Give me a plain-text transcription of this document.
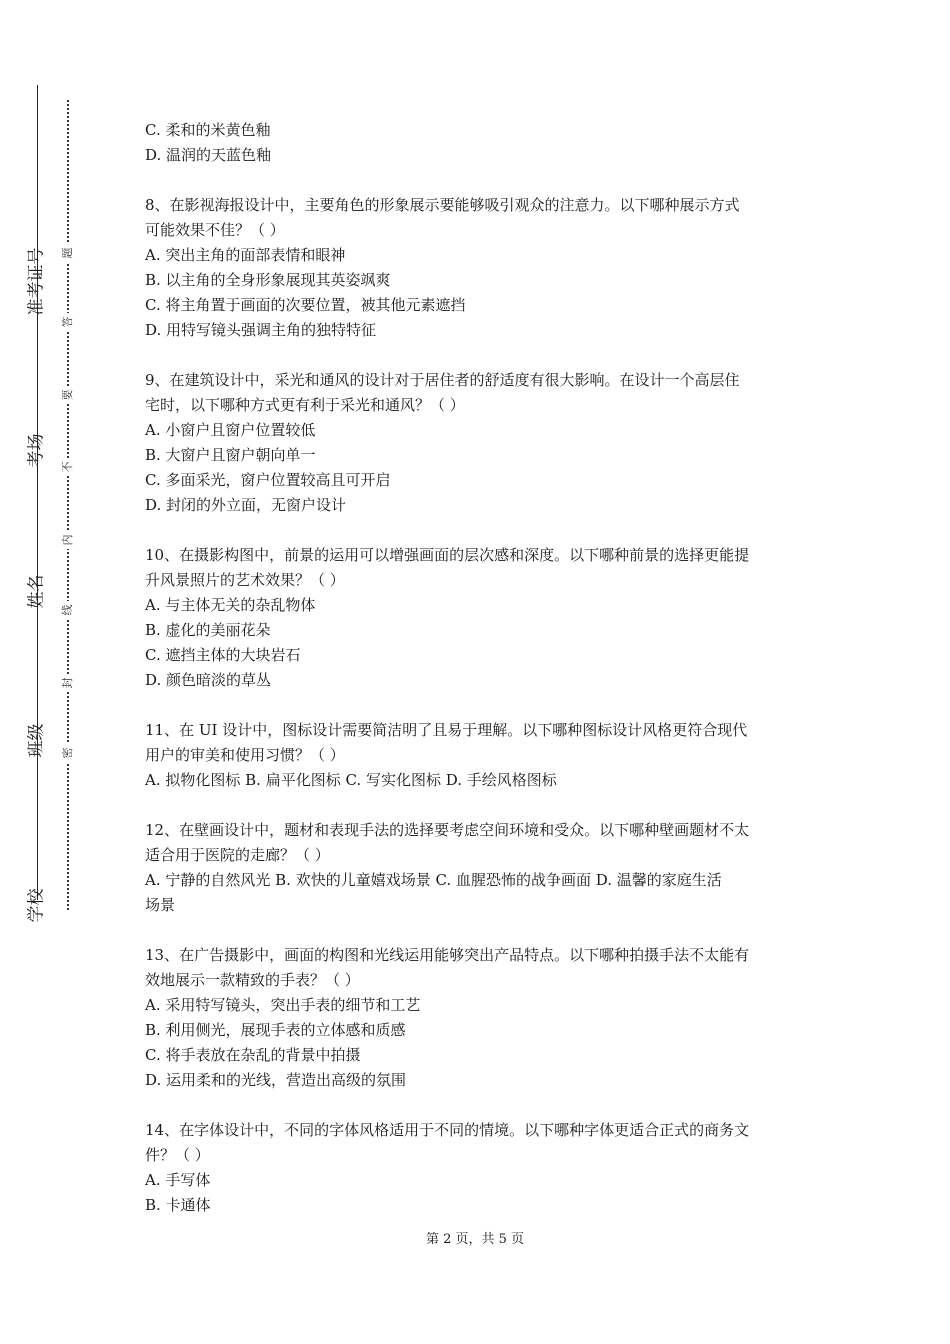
准考证号
考场
姓名
班级
学校
题
答
要
不
内
线
封
密
C. 柔和的米黄色釉
D. 温润的天蓝色釉
8、在影视海报设计中，主要角色的形象展示要能够吸引观众的注意力。以下哪种展示方式
可能效果不佳？（ ）
A. 突出主角的面部表情和眼神
B. 以主角的全身形象展现其英姿飒爽
C. 将主角置于画面的次要位置，被其他元素遮挡
D. 用特写镜头强调主角的独特特征
9、在建筑设计中，采光和通风的设计对于居住者的舒适度有很大影响。在设计一个高层住
宅时，以下哪种方式更有利于采光和通风？（ ）
A. 小窗户且窗户位置较低
B. 大窗户且窗户朝向单一
C. 多面采光，窗户位置较高且可开启
D. 封闭的外立面，无窗户设计
10、在摄影构图中，前景的运用可以增强画面的层次感和深度。以下哪种前景的选择更能提
升风景照片的艺术效果？（ ）
A. 与主体无关的杂乱物体
B. 虚化的美丽花朵
C. 遮挡主体的大块岩石
D. 颜色暗淡的草丛
11、在 UI 设计中，图标设计需要简洁明了且易于理解。以下哪种图标设计风格更符合现代
用户的审美和使用习惯？（ ）
A. 拟物化图标 B. 扁平化图标 C. 写实化图标 D. 手绘风格图标
12、在壁画设计中，题材和表现手法的选择要考虑空间环境和受众。以下哪种壁画题材不太
适合用于医院的走廊？（ ）
A. 宁静的自然风光 B. 欢快的儿童嬉戏场景 C. 血腥恐怖的战争画面 D. 温馨的家庭生活
场景
13、在广告摄影中，画面的构图和光线运用能够突出产品特点。以下哪种拍摄手法不太能有
效地展示一款精致的手表？（ ）
A. 采用特写镜头，突出手表的细节和工艺
B. 利用侧光，展现手表的立体感和质感
C. 将手表放在杂乱的背景中拍摄
D. 运用柔和的光线，营造出高级的氛围
14、在字体设计中，不同的字体风格适用于不同的情境。以下哪种字体更适合正式的商务文
件？（ ）
A. 手写体
B. 卡通体
第 2 页，共 5 页
